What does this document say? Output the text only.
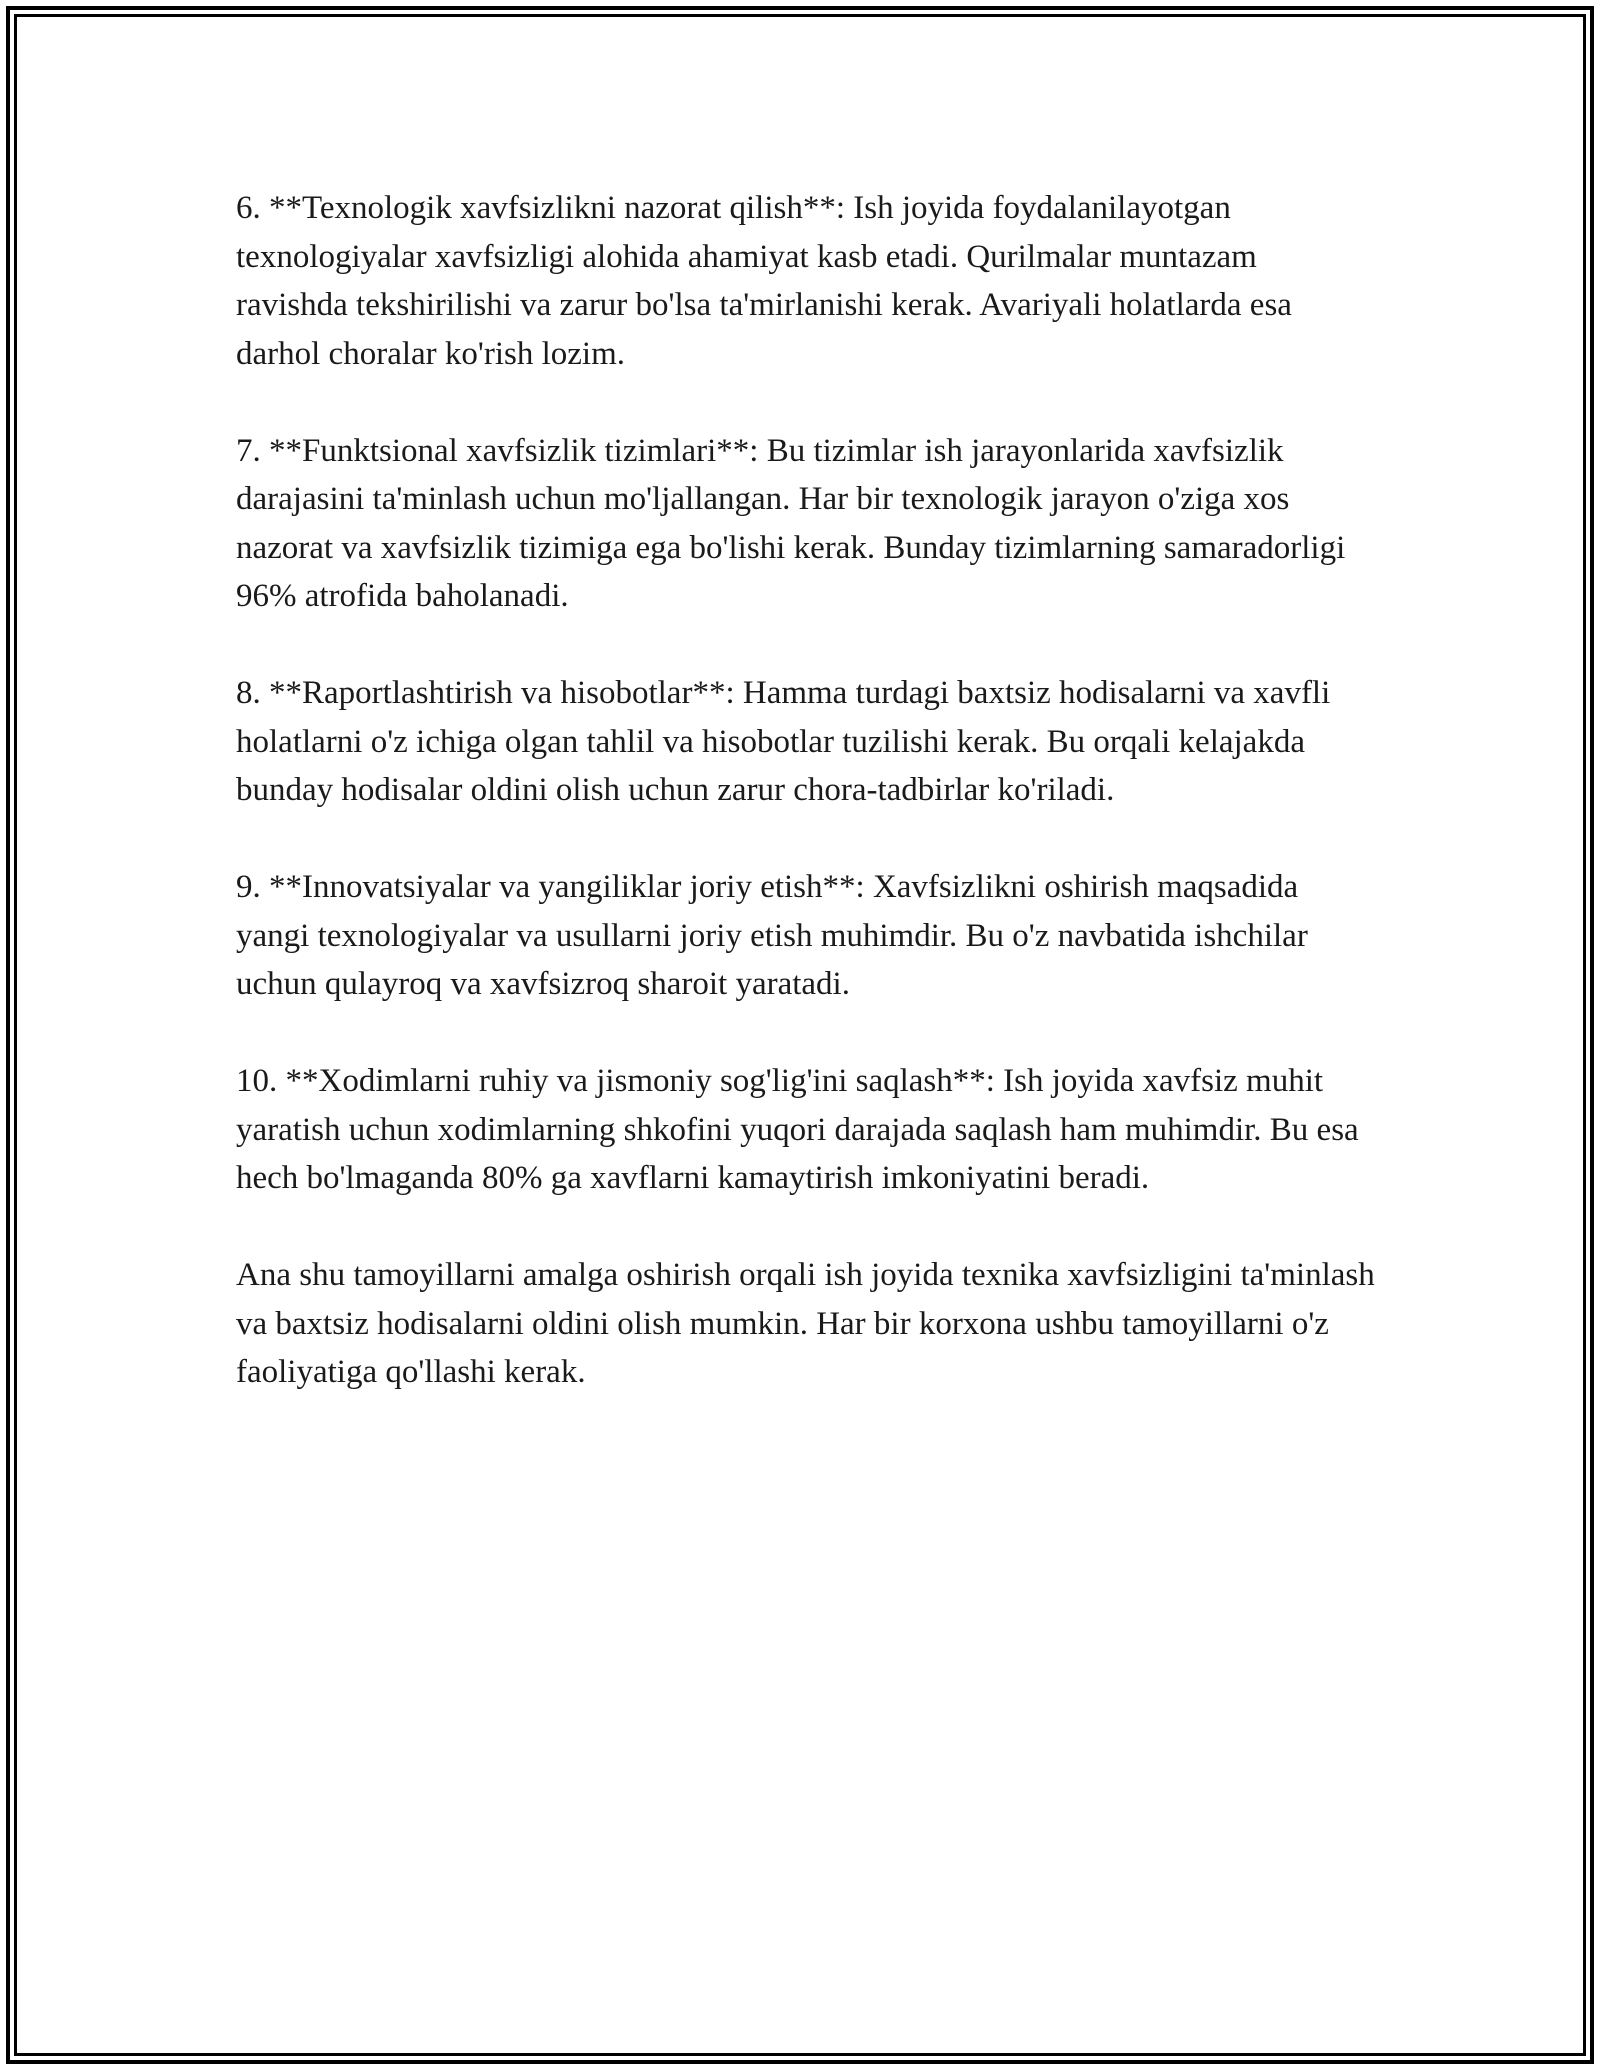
6. **Texnologik xavfsizlikni nazorat qilish**: Ish joyida foydalanilayotgan texnologiyalar xavfsizligi alohida ahamiyat kasb etadi. Qurilmalar muntazam ravishda tekshirilishi va zarur bo'lsa ta'mirlanishi kerak. Avariyali holatlarda esa darhol choralar ko'rish lozim.

7. **Funktsional xavfsizlik tizimlari**: Bu tizimlar ish jarayonlarida xavfsizlik darajasini ta'minlash uchun mo'ljallangan. Har bir texnologik jarayon o'ziga xos nazorat va xavfsizlik tizimiga ega bo'lishi kerak. Bunday tizimlarning samaradorligi 96% atrofida baholanadi.

8. **Raportlashtirish va hisobotlar**: Hamma turdagi baxtsiz hodisalarni va xavfli holatlarni o'z ichiga olgan tahlil va hisobotlar tuzilishi kerak. Bu orqali kelajakda bunday hodisalar oldini olish uchun zarur chora-tadbirlar ko'riladi.

9. **Innovatsiyalar va yangiliklar joriy etish**: Xavfsizlikni oshirish maqsadida yangi texnologiyalar va usullarni joriy etish muhimdir. Bu o'z navbatida ishchilar uchun qulayroq va xavfsizroq sharoit yaratadi.

10. **Xodimlarni ruhiy va jismoniy sog'lig'ini saqlash**: Ish joyida xavfsiz muhit yaratish uchun xodimlarning shkofini yuqori darajada saqlash ham muhimdir. Bu esa hech bo'lmaganda 80% ga xavflarni kamaytirish imkoniyatini beradi.

Ana shu tamoyillarni amalga oshirish orqali ish joyida texnika xavfsizligini ta'minlash va baxtsiz hodisalarni oldini olish mumkin. Har bir korxona ushbu tamoyillarni o'z faoliyatiga qo'llashi kerak.
